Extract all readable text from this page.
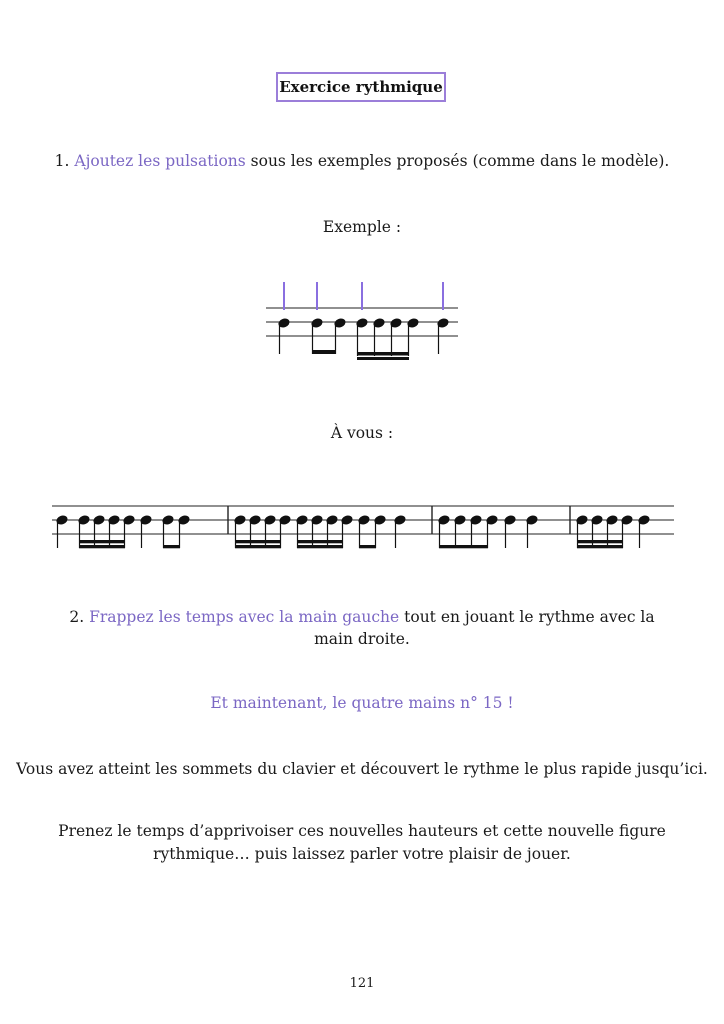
Exercice rythmique
1. Ajoutez les pulsations sous les exemples proposés (comme dans le modèle).
Exemple :
À vous :
2. Frappez les temps avec la main gauche tout en jouant le rythme avec la
main droite.
Et maintenant, le quatre mains n° 15 !
Vous avez atteint les sommets du clavier et découvert le rythme le plus rapide jusqu’ici.
Prenez le temps d’apprivoiser ces nouvelles hauteurs et cette nouvelle figure
rythmique… puis laissez parler votre plaisir de jouer.
121
